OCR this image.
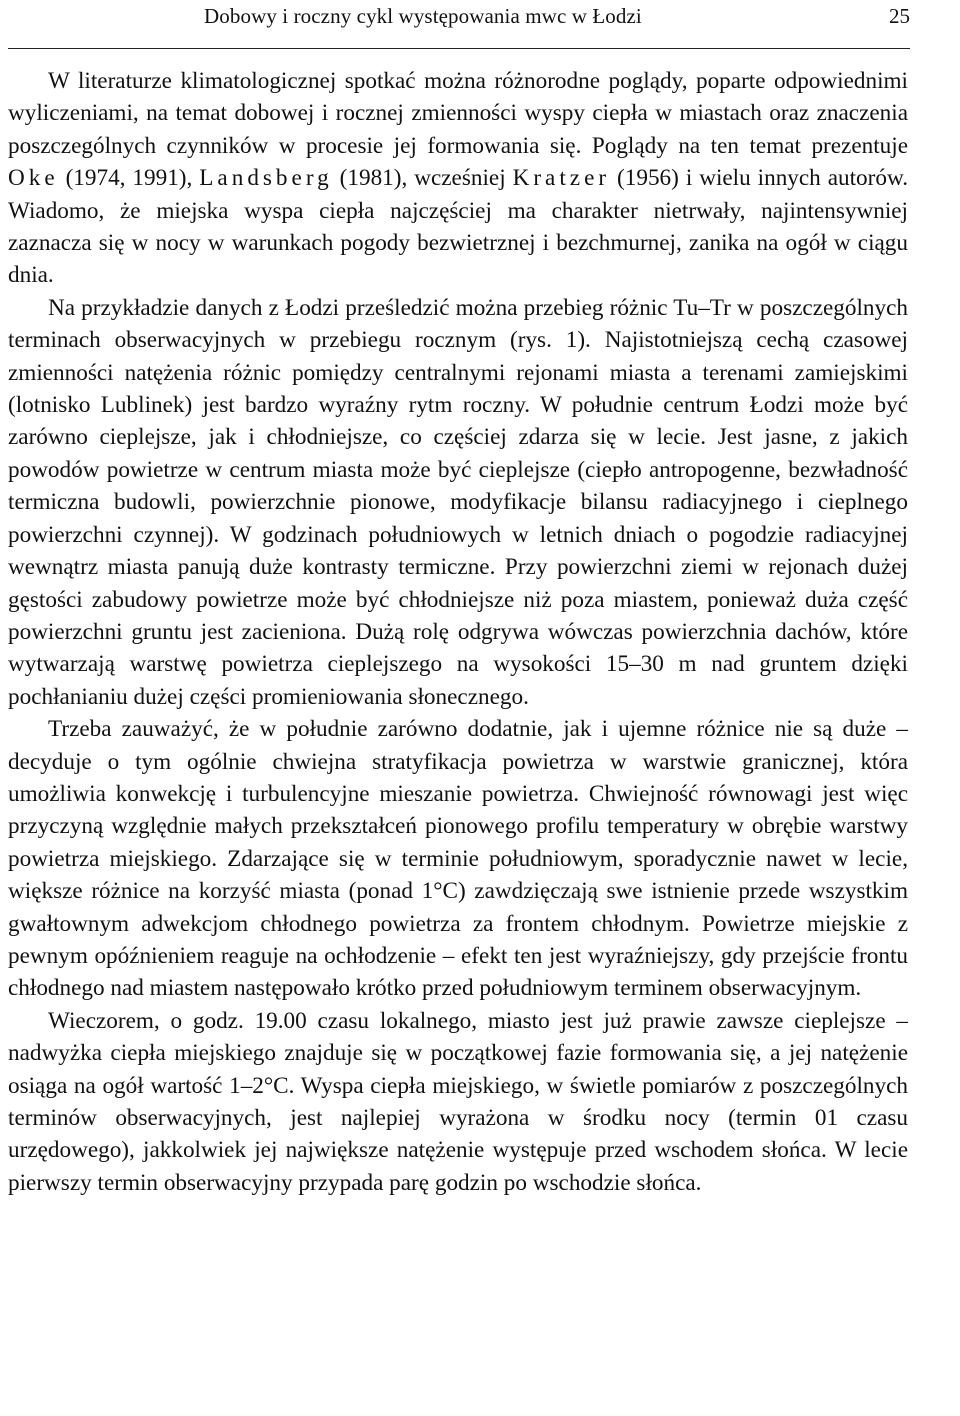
Dobowy i roczny cykl występowania mwc w Łodzi	25

W literaturze klimatologicznej spotkać można różnorodne poglądy, poparte odpowiednimi wyliczeniami, na temat dobowej i rocznej zmienności wyspy ciepła w miastach oraz znaczenia poszczególnych czynników w procesie jej formowania się. Poglądy na ten temat prezentuje Oke (1974, 1991), Landsberg (1981), wcześniej Kratzer (1956) i wielu innych autorów. Wiadomo, że miejska wyspa ciepła najczęściej ma charakter nietrwały, najintensywniej zaznacza się w nocy w warunkach pogody bezwietrznej i bezchmurnej, zanika na ogół w ciągu dnia.

Na przykładzie danych z Łodzi prześledzić można przebieg różnic Tu–Tr w poszczególnych terminach obserwacyjnych w przebiegu rocznym (rys. 1). Najistotniejszą cechą czasowej zmienności natężenia różnic pomiędzy centralnymi rejonami miasta a terenami zamiejskimi (lotnisko Lublinek) jest bardzo wyraźny rytm roczny. W południe centrum Łodzi może być zarówno cieplejsze, jak i chłodniejsze, co częściej zdarza się w lecie. Jest jasne, z jakich powodów powietrze w centrum miasta może być cieplejsze (ciepło antropogenne, bezwładność termiczna budowli, powierzchnie pionowe, modyfikacje bilansu radiacyjnego i cieplnego powierzchni czynnej). W godzinach południowych w letnich dniach o pogodzie radiacyjnej wewnątrz miasta panują duże kontrasty termiczne. Przy powierzchni ziemi w rejonach dużej gęstości zabudowy powietrze może być chłodniejsze niż poza miastem, ponieważ duża część powierzchni gruntu jest zacieniona. Dużą rolę odgrywa wówczas powierzchnia dachów, które wytwarzają warstwę powietrza cieplejszego na wysokości 15–30 m nad gruntem dzięki pochłanianiu dużej części promieniowania słonecznego.

Trzeba zauważyć, że w południe zarówno dodatnie, jak i ujemne różnice nie są duże – decyduje o tym ogólnie chwiejna stratyfikacja powietrza w warstwie granicznej, która umożliwia konwekcję i turbulencyjne mieszanie powietrza. Chwiejność równowagi jest więc przyczyną względnie małych przekształceń pionowego profilu temperatury w obrębie warstwy powietrza miejskiego. Zdarzające się w terminie południowym, sporadycznie nawet w lecie, większe różnice na korzyść miasta (ponad 1°C) zawdzięczają swe istnienie przede wszystkim gwałtownym adwekcjom chłodnego powietrza za frontem chłodnym. Powietrze miejskie z pewnym opóźnieniem reaguje na ochłodzenie – efekt ten jest wyraźniejszy, gdy przejście frontu chłodnego nad miastem następowało krótko przed południowym terminem obserwacyjnym.

Wieczorem, o godz. 19.00 czasu lokalnego, miasto jest już prawie zawsze cieplejsze – nadwyżka ciepła miejskiego znajduje się w początkowej fazie formowania się, a jej natężenie osiąga na ogół wartość 1–2°C. Wyspa ciepła miejskiego, w świetle pomiarów z poszczególnych terminów obserwacyjnych, jest najlepiej wyrażona w środku nocy (termin 01 czasu urzędowego), jakkolwiek jej największe natężenie występuje przed wschodem słońca. W lecie pierwszy termin obserwacyjny przypada parę godzin po wschodzie słońca.
